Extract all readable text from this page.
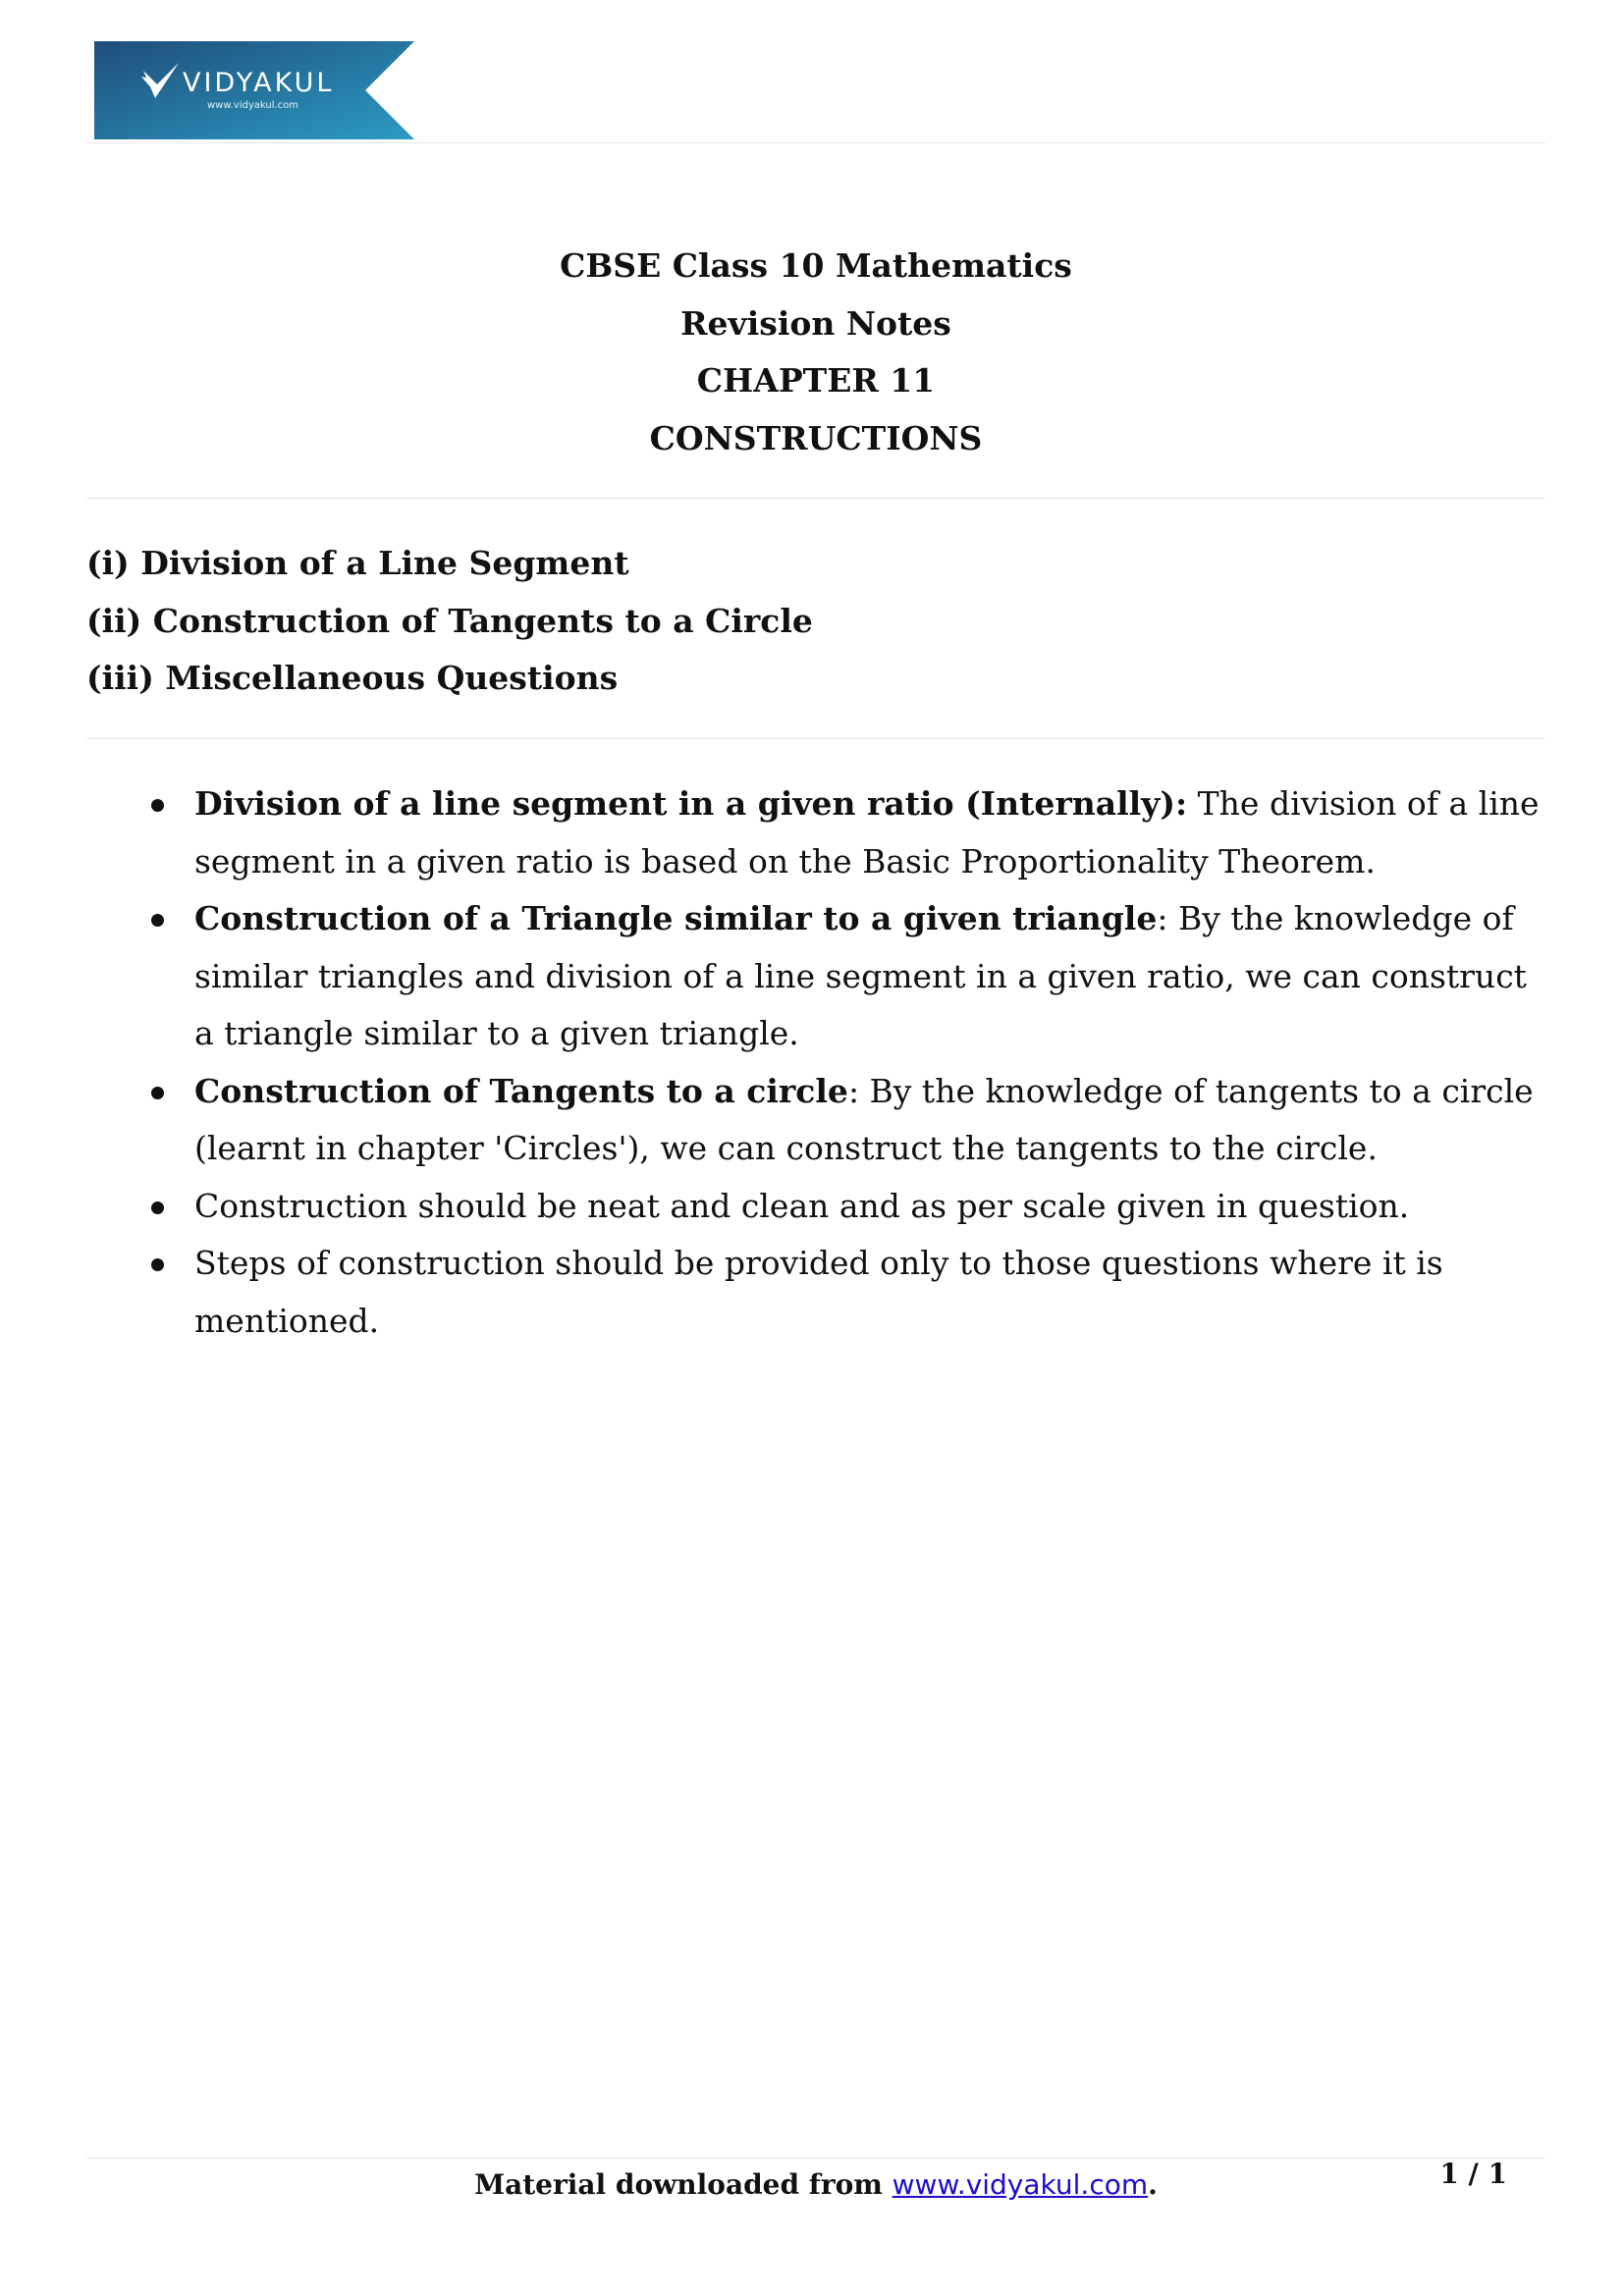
VIDYAKUL
www.vidyakul.com
CBSE Class 10 Mathematics
Revision Notes
CHAPTER 11
CONSTRUCTIONS
(i) Division of a Line Segment
(ii) Construction of Tangents to a Circle
(iii) Miscellaneous Questions
Division of a line segment in a given ratio (Internally): The division of a line segment in a given ratio is based on the Basic Proportionality Theorem.
Construction of a Triangle similar to a given triangle: By the knowledge of similar triangles and division of a line segment in a given ratio, we can construct a triangle similar to a given triangle.
Construction of Tangents to a circle: By the knowledge of tangents to a circle (learnt in chapter 'Circles'), we can construct the tangents to the circle.
Construction should be neat and clean and as per scale given in question.
Steps of construction should be provided only to those questions where it is mentioned.
Material downloaded from www.vidyakul.com.	1 / 1
